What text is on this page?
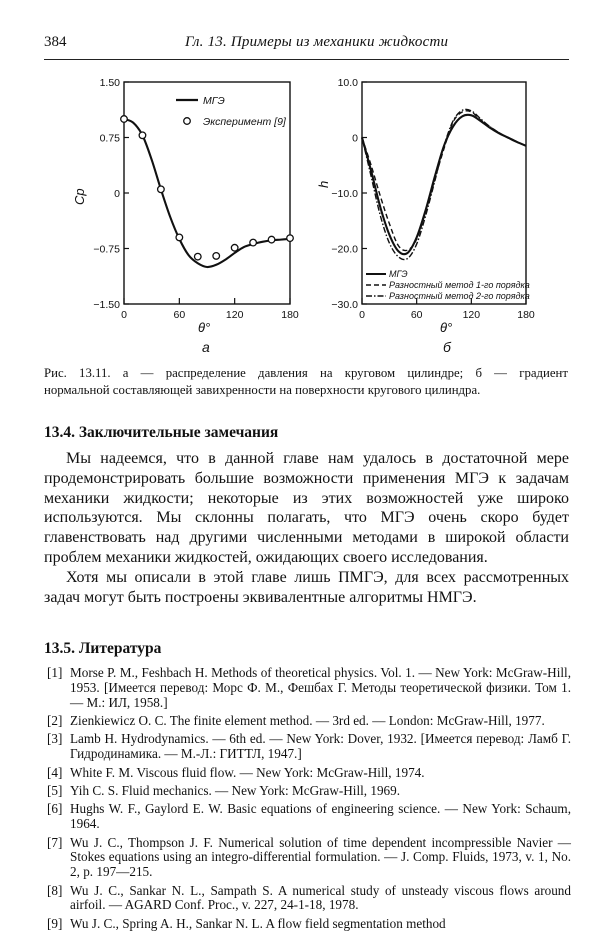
384	Гл. 13. Примеры из механики жидкости
0	60	120	180
1.50
0.75
0
−0.75
−1.50
Cp
θ°
а
МГЭ
Эксперимент [9]
0	60	120	180
10.0
0
−10.0
−20.0
−30.0
h
θ°
б
МГЭ
Разностный метод 1-го порядка
Разностный метод 2-го порядка
Рис. 13.11. а — распределение давления на круговом цилиндре; б — градиент
нормальной составляющей завихренности на поверхности кругового цилиндра.
13.4. Заключительные замечания

Мы надеемся, что в данной главе нам удалось в достаточной мере продемонстрировать большие возможности применения МГЭ к задачам механики жидкости; некоторые из этих возможностей уже широко используются. Мы склонны полагать, что МГЭ очень скоро будет главенствовать над другими численными методами в широкой области проблем механики жидкостей, ожидающих своего исследования.

Хотя мы описали в этой главе лишь ПМГЭ, для всех рассмотренных задач могут быть построены эквивалентные алгоритмы НМГЭ.

13.5. Литература
[1] Morse P. M., Feshbach H. Methods of theoretical physics. Vol. 1. — New York: McGraw-Hill, 1953. [Имеется перевод: Морс Ф. М., Фешбах Г. Методы теоретической физики. Том 1. — М.: ИЛ, 1958.]
[2] Zienkiewicz O. C. The finite element method. — 3rd ed. — London: McGraw-Hill, 1977.
[3] Lamb H. Hydrodynamics. — 6th ed. — New York: Dover, 1932. [Имеется перевод: Ламб Г. Гидродинамика. — М.-Л.: ГИТТЛ, 1947.]
[4] White F. M. Viscous fluid flow. — New York: McGraw-Hill, 1974.
[5] Yih C. S. Fluid mechanics. — New York: McGraw-Hill, 1969.
[6] Hughs W. F., Gaylord E. W. Basic equations of engineering science. — New York: Schaum, 1964.
[7] Wu J. C., Thompson J. F. Numerical solution of time dependent incompressible Navier — Stokes equations using an integro-differential formulation. — J. Comp. Fluids, 1973, v. 1, No. 2, p. 197—215.
[8] Wu J. C., Sankar N. L., Sampath S. A numerical study of unsteady viscous flows around airfoil. — AGARD Conf. Proc., v. 227, 24-1-18, 1978.
[9] Wu J. C., Spring A. H., Sankar N. L. A flow field segmentation method
